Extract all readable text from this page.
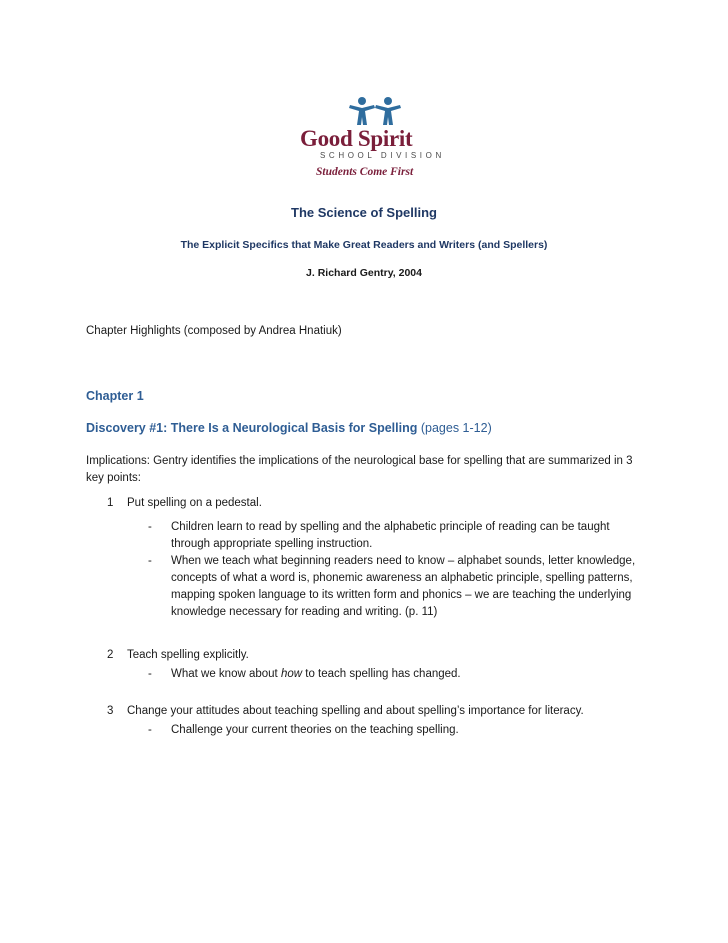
Good Spirit
SCHOOL DIVISION
Students Come First
The Science of Spelling
The Explicit Specifics that Make Great Readers and Writers (and Spellers)
J. Richard Gentry, 2004
Chapter Highlights (composed by Andrea Hnatiuk)
Chapter 1
Discovery #1: There Is a Neurological Basis for Spelling (pages 1-12)
Implications: Gentry identifies the implications of the neurological base for spelling that are summarized in 3 key points:
1 Put spelling on a pedestal.
- Children learn to read by spelling and the alphabetic principle of reading can be taught through appropriate spelling instruction.
- When we teach what beginning readers need to know – alphabet sounds, letter knowledge, concepts of what a word is, phonemic awareness an alphabetic principle, spelling patterns, mapping spoken language to its written form and phonics – we are teaching the underlying knowledge necessary for reading and writing. (p. 11)
2 Teach spelling explicitly.
- What we know about how to teach spelling has changed.
3 Change your attitudes about teaching spelling and about spelling’s importance for literacy.
- Challenge your current theories on the teaching spelling.
